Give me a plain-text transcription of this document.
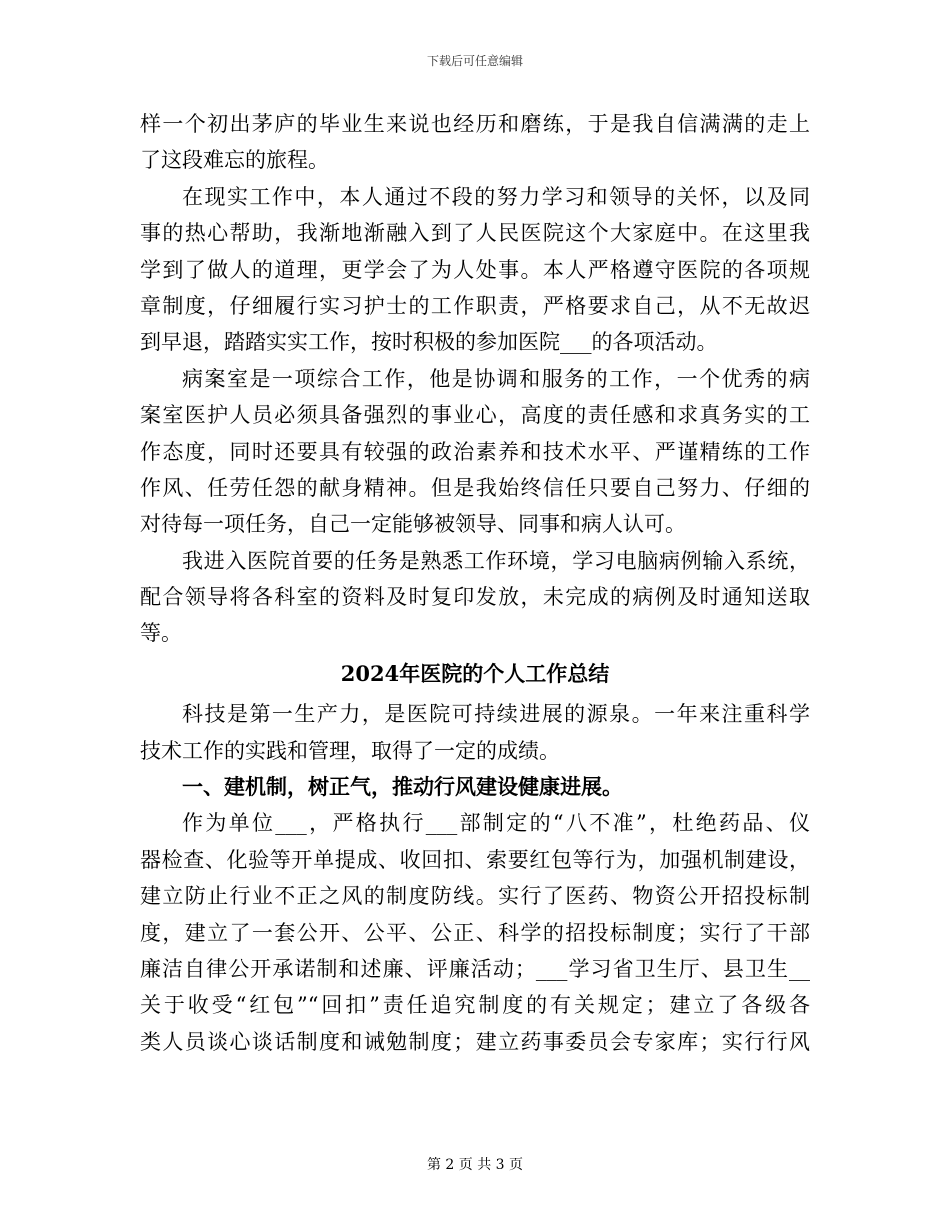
下载后可任意编辑
样一个初出茅庐的毕业生来说也经历和磨练，于是我自信满满的走上
了这段难忘的旅程。
在现实工作中，本人通过不段的努力学习和领导的关怀，以及同
事的热心帮助，我渐地渐融入到了人民医院这个大家庭中。在这里我
学到了做人的道理，更学会了为人处事。本人严格遵守医院的各项规
章制度，仔细履行实习护士的工作职责，严格要求自己，从不无故迟
到早退，踏踏实实工作，按时积极的参加医院___的各项活动。
病案室是一项综合工作，他是协调和服务的工作，一个优秀的病
案室医护人员必须具备强烈的事业心，高度的责任感和求真务实的工
作态度，同时还要具有较强的政治素养和技术水平、严谨精练的工作
作风、任劳任怨的献身精神。但是我始终信任只要自己努力、仔细的
对待每一项任务，自己一定能够被领导、同事和病人认可。
我进入医院首要的任务是熟悉工作环境，学习电脑病例输入系统，
配合领导将各科室的资料及时复印发放，未完成的病例及时通知送取
等。
2024年医院的个人工作总结
科技是第一生产力，是医院可持续进展的源泉。一年来注重科学
技术工作的实践和管理，取得了一定的成绩。
一、建机制，树正气，推动行风建设健康进展。
作为单位___，严格执行___部制定的“八不准”，杜绝药品、仪
器检查、化验等开单提成、收回扣、索要红包等行为，加强机制建设，
建立防止行业不正之风的制度防线。实行了医药、物资公开招投标制
度，建立了一套公开、公平、公正、科学的招投标制度；实行了干部
廉洁自律公开承诺制和述廉、评廉活动；___学习省卫生厅、县卫生__
关于收受“红包”“回扣”责任追究制度的有关规定；建立了各级各
类人员谈心谈话制度和诫勉制度；建立药事委员会专家库；实行行风
第 2 页 共 3 页
